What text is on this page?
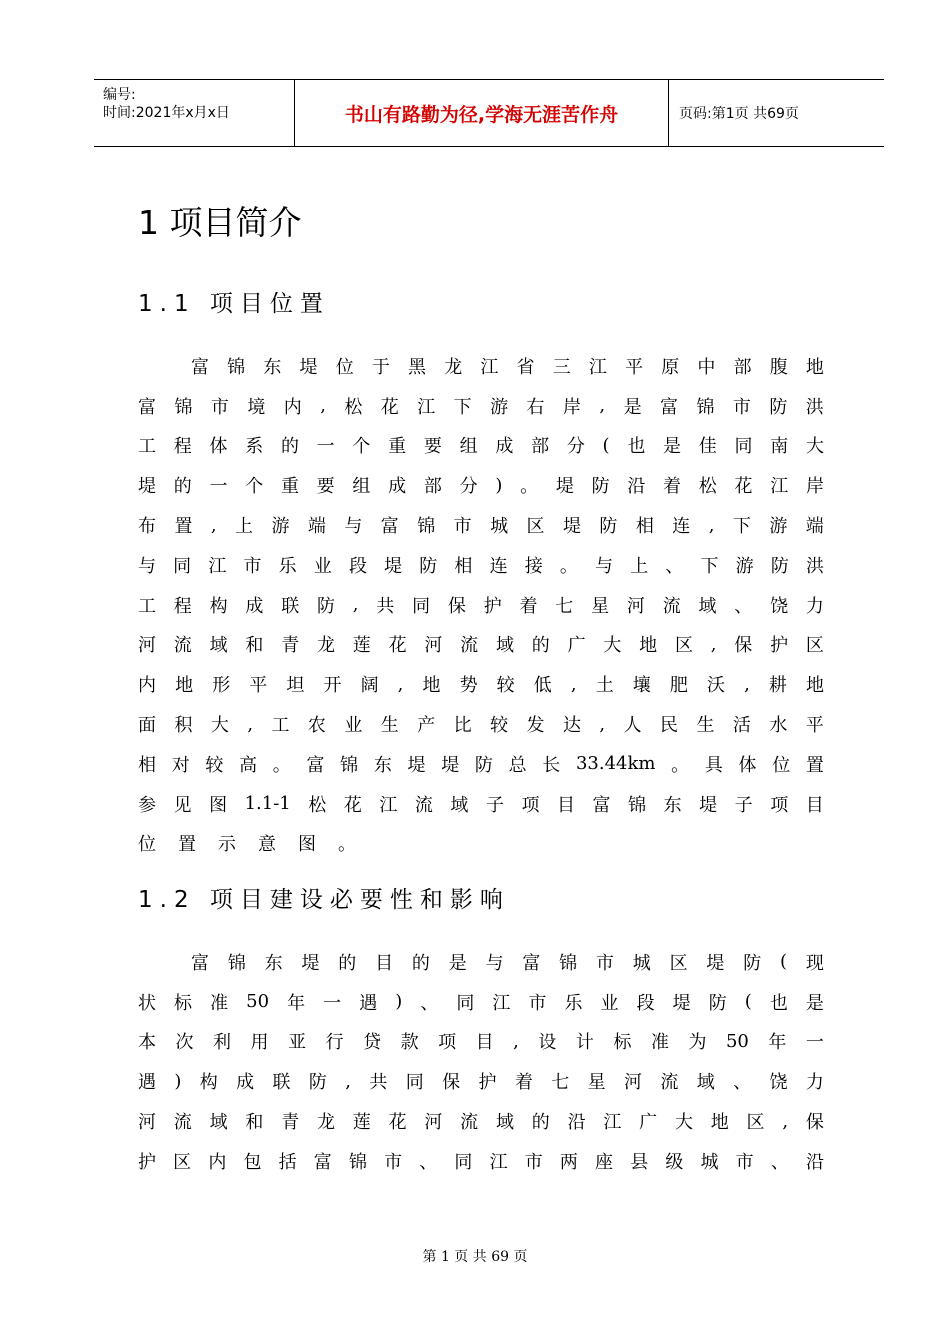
编号:
时间:2021年x月x日	书山有路勤为径,学海无涯苦作舟	页码:第1页 共69页
1 项目简介
1.1 项目位置
富 锦 东 堤 位 于 黑 龙 江 省 三 江 平 原 中 部 腹 地
富 锦 市 境 内 , 松 花 江 下 游 右 岸 , 是 富 锦 市 防 洪
工 程 体 系 的 一 个 重 要 组 成 部 分 ( 也 是 佳 同 南 大
堤 的 一 个 重 要 组 成 部 分 ) 。 堤 防 沿 着 松 花 江 岸
布 置 , 上 游 端 与 富 锦 市 城 区 堤 防 相 连 , 下 游 端
与 同 江 市 乐 业 段 堤 防 相 连 接 。 与 上 、 下 游 防 洪
工 程 构 成 联 防 , 共 同 保 护 着 七 星 河 流 域 、 饶 力
河 流 域 和 青 龙 莲 花 河 流 域 的 广 大 地 区 , 保 护 区
内 地 形 平 坦 开 阔 , 地 势 较 低 , 土 壤 肥 沃 , 耕 地
面 积 大 , 工 农 业 生 产 比 较 发 达 , 人 民 生 活 水 平
相 对 较 高 。 富 锦 东 堤 堤 防 总 长 33.44km 。 具 体 位 置
参 见 图 1.1-1 松 花 江 流 域 子 项 目 富 锦 东 堤 子 项 目
位 置 示 意 图 。
1.2 项目建设必要性和影响
富 锦 东 堤 的 目 的 是 与 富 锦 市 城 区 堤 防 ( 现
状 标 准 50 年 一 遇 ) 、 同 江 市 乐 业 段 堤 防 ( 也 是
本 次 利 用 亚 行 贷 款 项 目 , 设 计 标 准 为 50 年 一
遇 ) 构 成 联 防 , 共 同 保 护 着 七 星 河 流 域 、 饶 力
河 流 域 和 青 龙 莲 花 河 流 域 的 沿 江 广 大 地 区 , 保
护 区 内 包 括 富 锦 市 、 同 江 市 两 座 县 级 城 市 、 沿
第 1 页 共 69 页
